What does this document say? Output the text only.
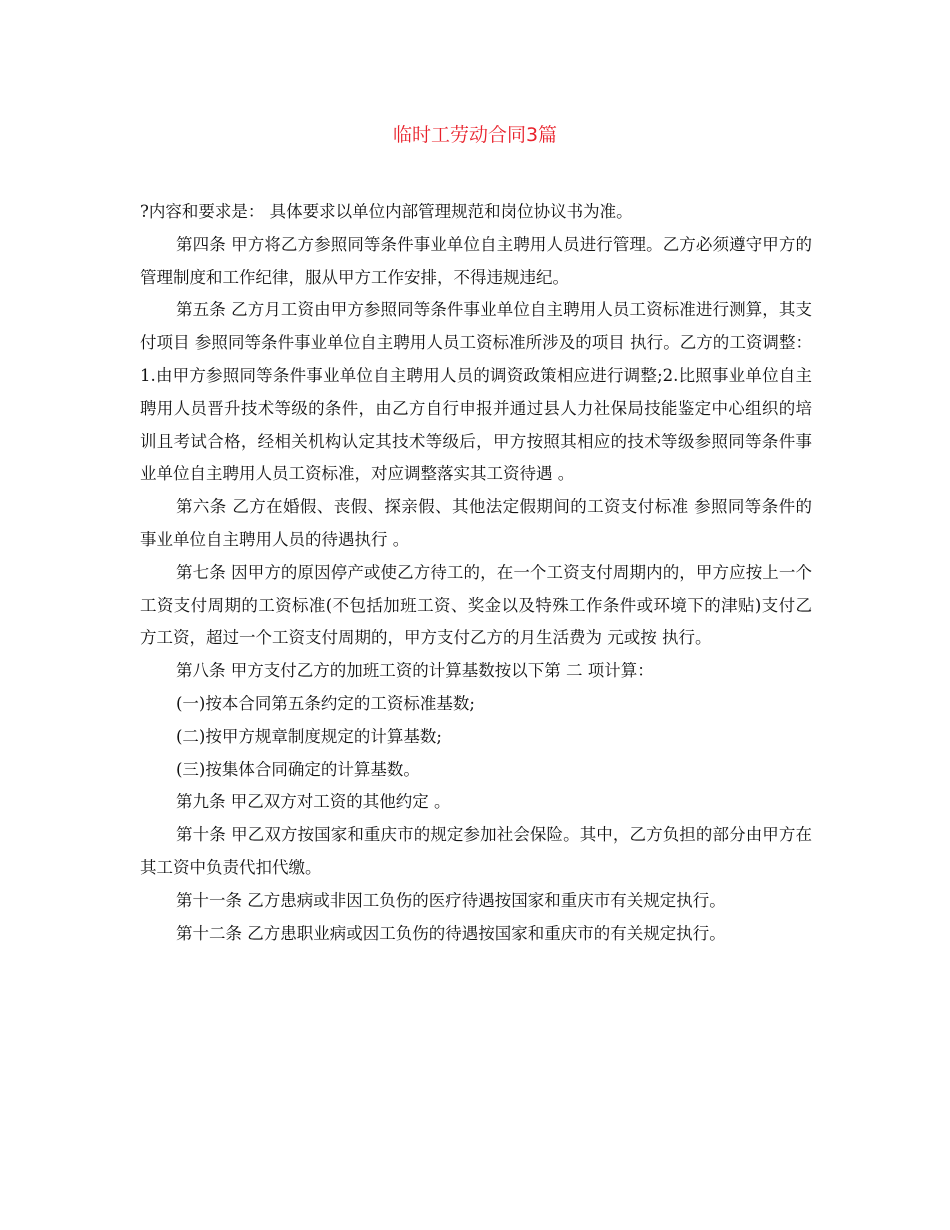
临时工劳动合同3篇

?内容和要求是： 具体要求以单位内部管理规范和岗位协议书为准。

第四条 甲方将乙方参照同等条件事业单位自主聘用人员进行管理。乙方必须遵守甲方的管理制度和工作纪律，服从甲方工作安排，不得违规违纪。

第五条 乙方月工资由甲方参照同等条件事业单位自主聘用人员工资标准进行测算，其支付项目 参照同等条件事业单位自主聘用人员工资标准所涉及的项目 执行。乙方的工资调整： 1.由甲方参照同等条件事业单位自主聘用人员的调资政策相应进行调整;2.比照事业单位自主聘用人员晋升技术等级的条件，由乙方自行申报并通过县人力社保局技能鉴定中心组织的培训且考试合格，经相关机构认定其技术等级后，甲方按照其相应的技术等级参照同等条件事业单位自主聘用人员工资标准，对应调整落实其工资待遇 。

第六条 乙方在婚假、丧假、探亲假、其他法定假期间的工资支付标准 参照同等条件的事业单位自主聘用人员的待遇执行 。

第七条 因甲方的原因停产或使乙方待工的，在一个工资支付周期内的，甲方应按上一个工资支付周期的工资标准(不包括加班工资、奖金以及特殊工作条件或环境下的津贴)支付乙方工资，超过一个工资支付周期的，甲方支付乙方的月生活费为 元或按 执行。

第八条 甲方支付乙方的加班工资的计算基数按以下第 二 项计算：

(一)按本合同第五条约定的工资标准基数;

(二)按甲方规章制度规定的计算基数;

(三)按集体合同确定的计算基数。

第九条 甲乙双方对工资的其他约定 。

第十条 甲乙双方按国家和重庆市的规定参加社会保险。其中，乙方负担的部分由甲方在其工资中负责代扣代缴。

第十一条 乙方患病或非因工负伤的医疗待遇按国家和重庆市有关规定执行。

第十二条 乙方患职业病或因工负伤的待遇按国家和重庆市的有关规定执行。
